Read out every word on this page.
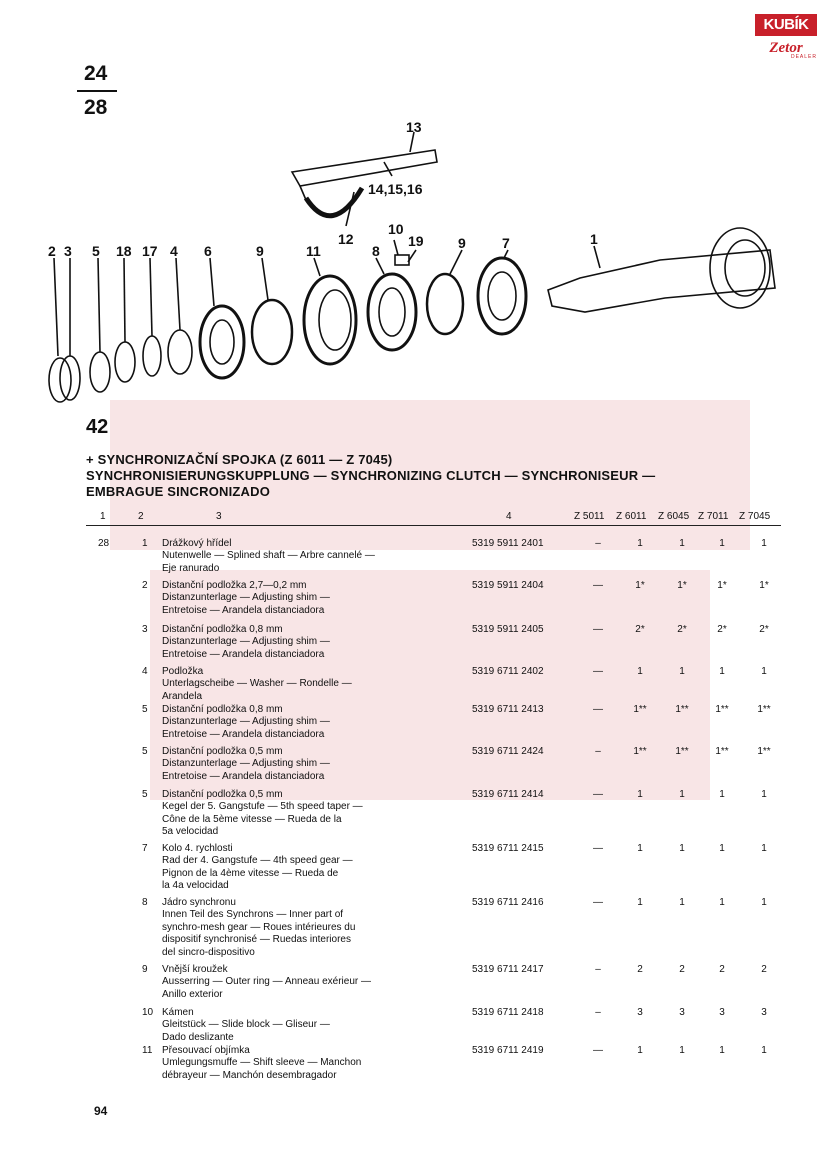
KUBÍK
Zetor
DEALER
24
28
13
14,15,16
12
10
19	1
2 3 5 18 17 4 6	9	11	8	9	7
42
+ SYNCHRONIZAČNÍ SPOJKA (Z 6011 — Z 7045)
SYNCHRONISIERUNGSKUPPLUNG — SYNCHRONIZING CLUTCH — SYNCHRONISEUR —
EMBRAGUE SINCRONIZADO
1	2	3	4	Z 5011 Z 6011 Z 6045 Z 7011 Z 7045
28	1 Drážkový hřídel
Nutenwelle — Splined shaft — Arbre cannelé —
Eje ranurado
5319 5911 2401	–	1	1	1	1
2 Distanční podložka 2,7—0,2 mm
Distanzunterlage — Adjusting shim —
Entretoise — Arandela distanciadora
5319 5911 2404	—	1*	1*	1*	1*
3 Distanční podložka 0,8 mm
Distanzunterlage — Adjusting shim —
Entretoise — Arandela distanciadora
5319 5911 2405	—	2*	2*	2*	2*
4 Podložka
Unterlagscheibe — Washer — Rondelle —
Arandela
5319 6711 2402	—	1	1	1	1
5 Distanční podložka 0,8 mm
Distanzunterlage — Adjusting shim —
Entretoise — Arandela distanciadora
5319 6711 2413	—	1**	1**	1**	1**
5 Distanční podložka 0,5 mm
Distanzunterlage — Adjusting shim —
Entretoise — Arandela distanciadora
5319 6711 2424	–	1**	1**	1**	1**
5 Distanční podložka 0,5 mm
Kegel der 5. Gangstufe — 5th speed taper —
Cône de la 5ème vitesse — Rueda de la
5a velocidad
5319 6711 2414	—	1	1	1	1
7 Kolo 4. rychlosti
Rad der 4. Gangstufe — 4th speed gear —
Pignon de la 4ème vitesse — Rueda de
la 4a velocidad
5319 6711 2415	—	1	1	1	1
8 Jádro synchronu
Innen Teil des Synchrons — Inner part of
synchro-mesh gear — Roues intérieures du
dispositif synchronisé — Ruedas interiores
del sincro-dispositivo
5319 6711 2416	—	1	1	1	1
9 Vnější kroužek
Ausserring — Outer ring — Anneau exérieur —
Anillo exterior
5319 6711 2417	–	2	2	2	2
10 Kámen
Gleitstück — Slide block — Gliseur —
Dado deslizante
5319 6711 2418	–	3	3	3	3
11 Přesouvací objímka
Umlegungsmuffe — Shift sleeve — Manchon
débrayeur — Manchón desembragador
5319 6711 2419	—	1	1	1	1
94
